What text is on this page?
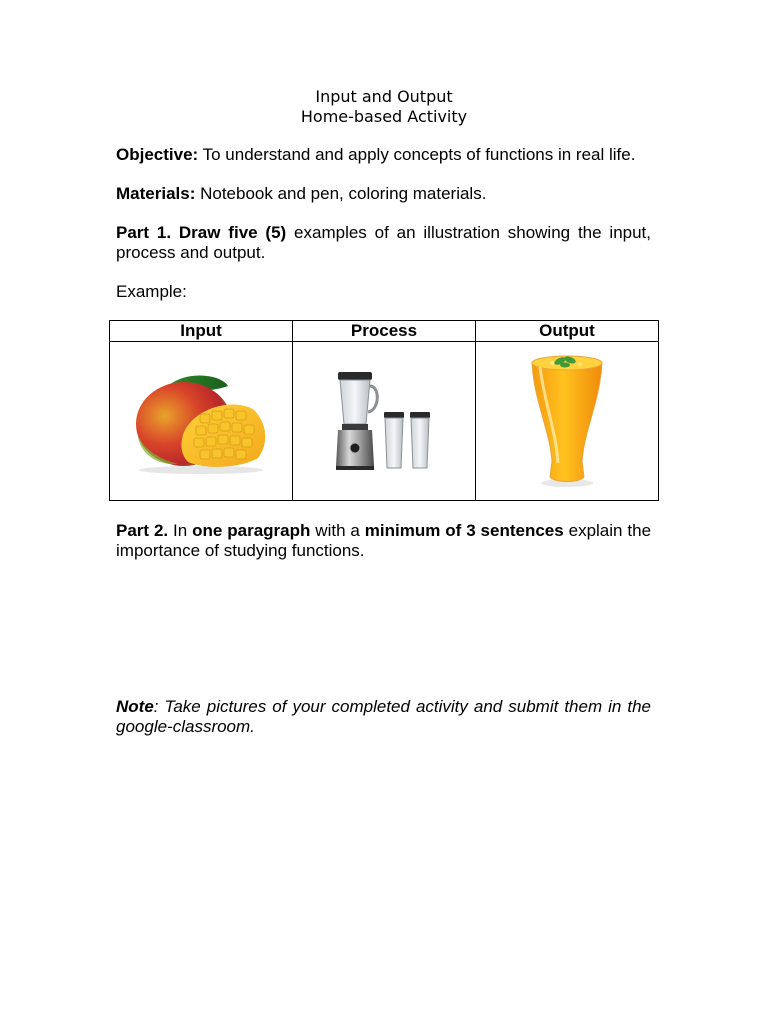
Input and Output
Home-based Activity
Objective: To understand and apply concepts of functions in real life.
Materials: Notebook and pen, coloring materials.
Part 1. Draw five (5) examples of an illustration showing the input, process and output.
Example:
Input	Process	Output

Part 2. In one paragraph with a minimum of 3 sentences explain the importance of studying functions.
Note: Take pictures of your completed activity and submit them in the google-classroom.
